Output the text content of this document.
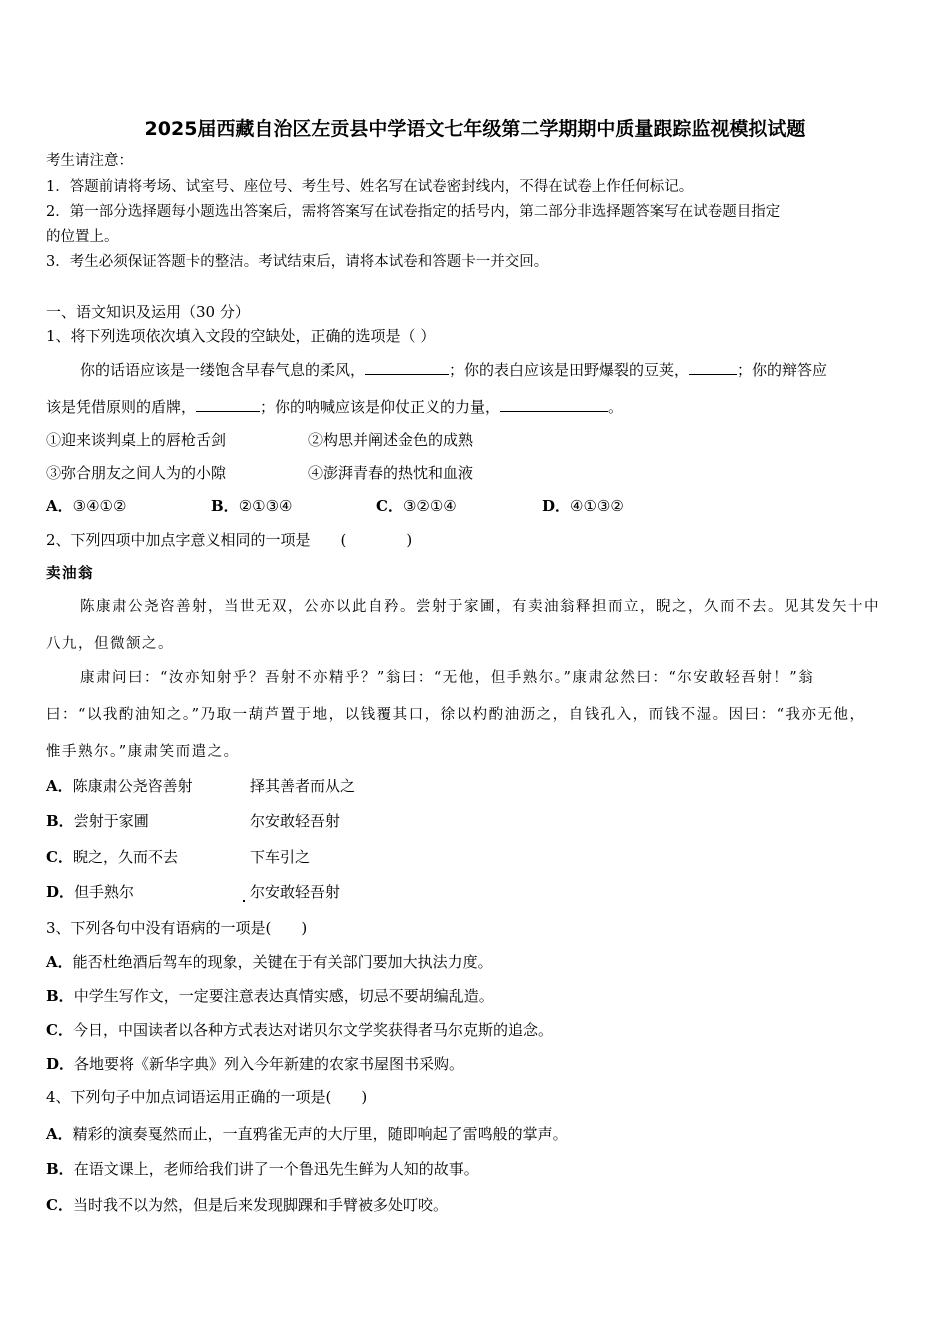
2025届西藏自治区左贡县中学语文七年级第二学期期中质量跟踪监视模拟试题
考生请注意：
1．答题前请将考场、试室号、座位号、考生号、姓名写在试卷密封线内，不得在试卷上作任何标记。
2．第一部分选择题每小题选出答案后，需将答案写在试卷指定的括号内，第二部分非选择题答案写在试卷题目指定
的位置上。
3．考生必须保证答题卡的整洁。考试结束后，请将本试卷和答题卡一并交回。
一、语文知识及运用（30 分）
1、将下列选项依次填入文段的空缺处，正确的选项是（ ）
你的话语应该是一缕饱含早春气息的柔风，	；你的表白应该是田野爆裂的豆荚，	；你的辩答应
该是凭借原则的盾牌，	；你的呐喊应该是仰仗正义的力量，	。
①迎来谈判桌上的唇枪舌剑	②构思并阐述金色的成熟
③弥合朋友之间人为的小隙	④澎湃青春的热忱和血液
A．③④①②	B．②①③④	C．③②①④	D．④①③②
2、下列四项中加点字意义相同的一项是　　(　　　　)
卖油翁
陈康肃公尧咨善射，当世无双，公亦以此自矜。尝射于家圃，有卖油翁释担而立，睨之，久而不去。见其发矢十中
八九，但微颔之。
康肃问曰：“汝亦知射乎？吾射不亦精乎？”翁曰：“无他，但手熟尔。”康肃忿然曰：“尔安敢轻吾射！”翁
曰：“以我酌油知之。”乃取一葫芦置于地，以钱覆其口，徐以杓酌油沥之，自钱孔入，而钱不湿。因曰：“我亦无他，
惟手熟尔。”康肃笑而遣之。
A．陈康肃公尧咨善射	择其善者而从之
B．尝射于家圃	尔安敢轻吾射
C．睨之，久而不去	下车引之
D．但手熟尔	尔安敢轻吾射
3、下列各句中没有语病的一项是(　　)
A．能否杜绝酒后驾车的现象，关键在于有关部门要加大执法力度。
B．中学生写作文，一定要注意表达真情实感，切忌不要胡编乱造。
C．今日，中国读者以各种方式表达对诺贝尔文学奖获得者马尔克斯的追念。
D．各地要将《新华字典》列入今年新建的农家书屋图书采购。
4、下列句子中加点词语运用正确的一项是(　　)
A．精彩的演奏戛然而止，一直鸦雀无声的大厅里，随即响起了雷鸣般的掌声。
B．在语文课上，老师给我们讲了一个鲁迅先生鲜为人知的故事。
C．当时我不以为然，但是后来发现脚踝和手臂被多处叮咬。
